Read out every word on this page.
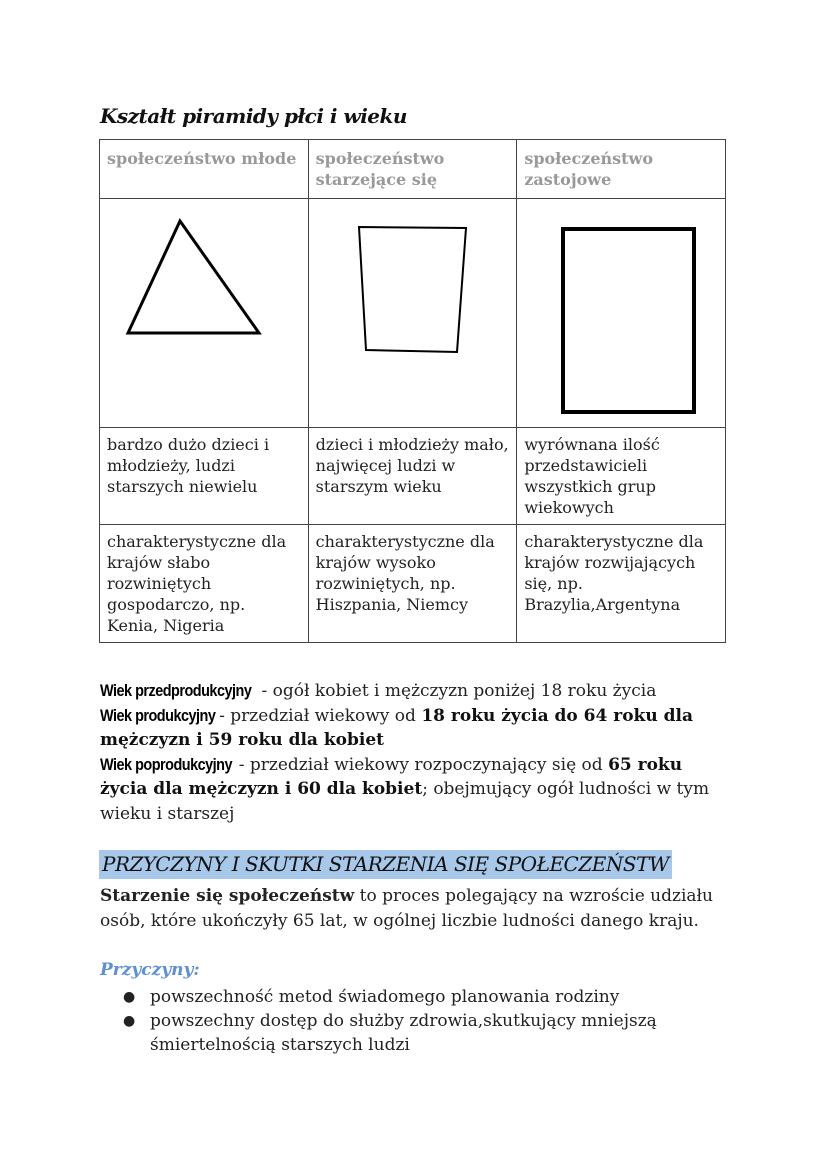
Kształt piramidy płci i wieku
społeczeństwo młode	społeczeństwo starzejące się	społeczeństwo zastojowe

bardzo dużo dzieci i młodzieży, ludzi starszych niewielu	dzieci i młodzieży mało, najwięcej ludzi w starszym wieku	wyrównana ilość przedstawicieli wszystkich grup wiekowych
charakterystyczne dla krajów słabo rozwiniętych gospodarczo, np. Kenia, Nigeria	charakterystyczne dla krajów wysoko rozwiniętych, np. Hiszpania, Niemcy	charakterystyczne dla krajów rozwijających się, np. Brazylia,Argentyna
Wiek przedprodukcyjny - ogół kobiet i mężczyzn poniżej 18 roku życia
Wiek produkcyjny - przedział wiekowy od 18 roku życia do 64 roku dla mężczyzn i 59 roku dla kobiet
Wiek poprodukcyjny - przedział wiekowy rozpoczynający się od 65 roku życia dla mężczyzn i 60 dla kobiet; obejmujący ogół ludności w tym wieku i starszej
PRZYCZYNY I SKUTKI STARZENIA SIĘ SPOŁECZEŃSTW
Starzenie się społeczeństw to proces polegający na wzroście udziału osób, które ukończyły 65 lat, w ogólnej liczbie ludności danego kraju.
Przyczyny:
● powszechność metod świadomego planowania rodziny
● powszechny dostęp do służby zdrowia,skutkujący mniejszą śmiertelnością starszych ludzi
